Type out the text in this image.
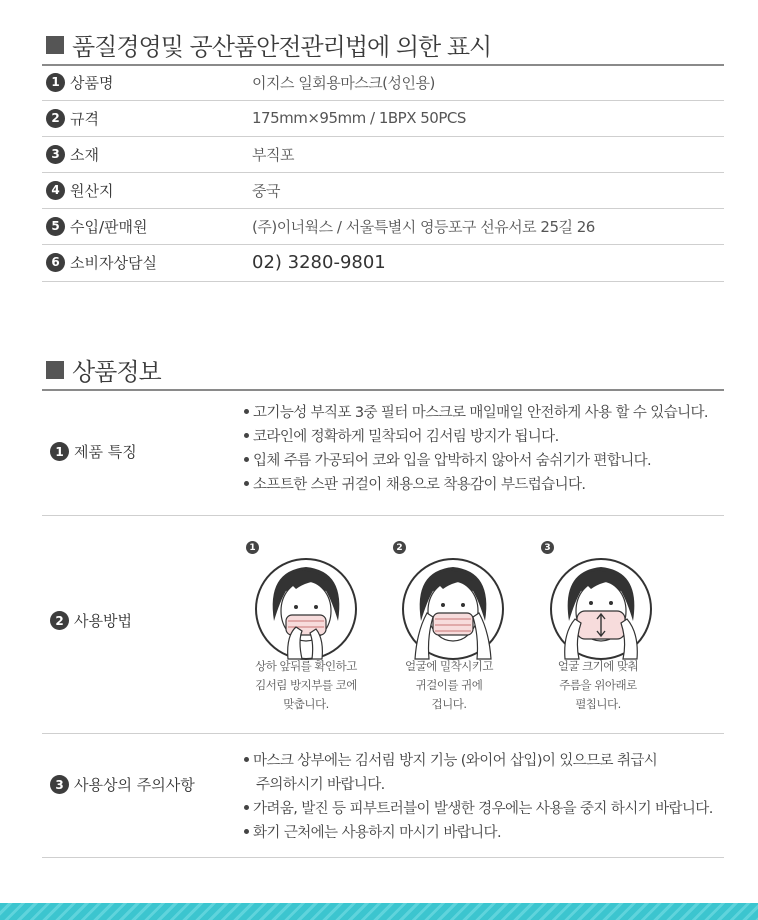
품질경영및 공산품안전관리법에 의한 표시
1 상품명	이지스 일회용마스크(성인용)
2 규격	175mm×95mm / 1BPX 50PCS
3 소재	부직포
4 원산지	중국
5 수입/판매원	(주)이너웍스 / 서울특별시 영등포구 선유서로 25길 26
6 소비자상담실	02) 3280-9801
상품정보
1 제품 특징
고기능성 부직포 3중 필터 마스크로 매일매일 안전하게 사용 할 수 있습니다.
코라인에 정확하게 밀착되어 김서림 방지가 됩니다.
입체 주름 가공되어 코와 입을 압박하지 않아서 숨쉬기가 편합니다.
소프트한 스판 귀걸이 채용으로 착용감이 부드럽습니다.
2 사용방법
1	2	3
상하 앞뒤를 확인하고
김서림 방지부를 코에
맞춥니다.
얼굴에 밀착시키고
귀걸이를 귀에
겁니다.
얼굴 크기에 맞춰
주름을 위아래로
펼칩니다.
3 사용상의 주의사항
마스크 상부에는 김서림 방지 기능 (와이어 삽입)이 있으므로 취급시
주의하시기 바랍니다.
가려움, 발진 등 피부트러블이 발생한 경우에는 사용을 중지 하시기 바랍니다.
화기 근처에는 사용하지 마시기 바랍니다.
